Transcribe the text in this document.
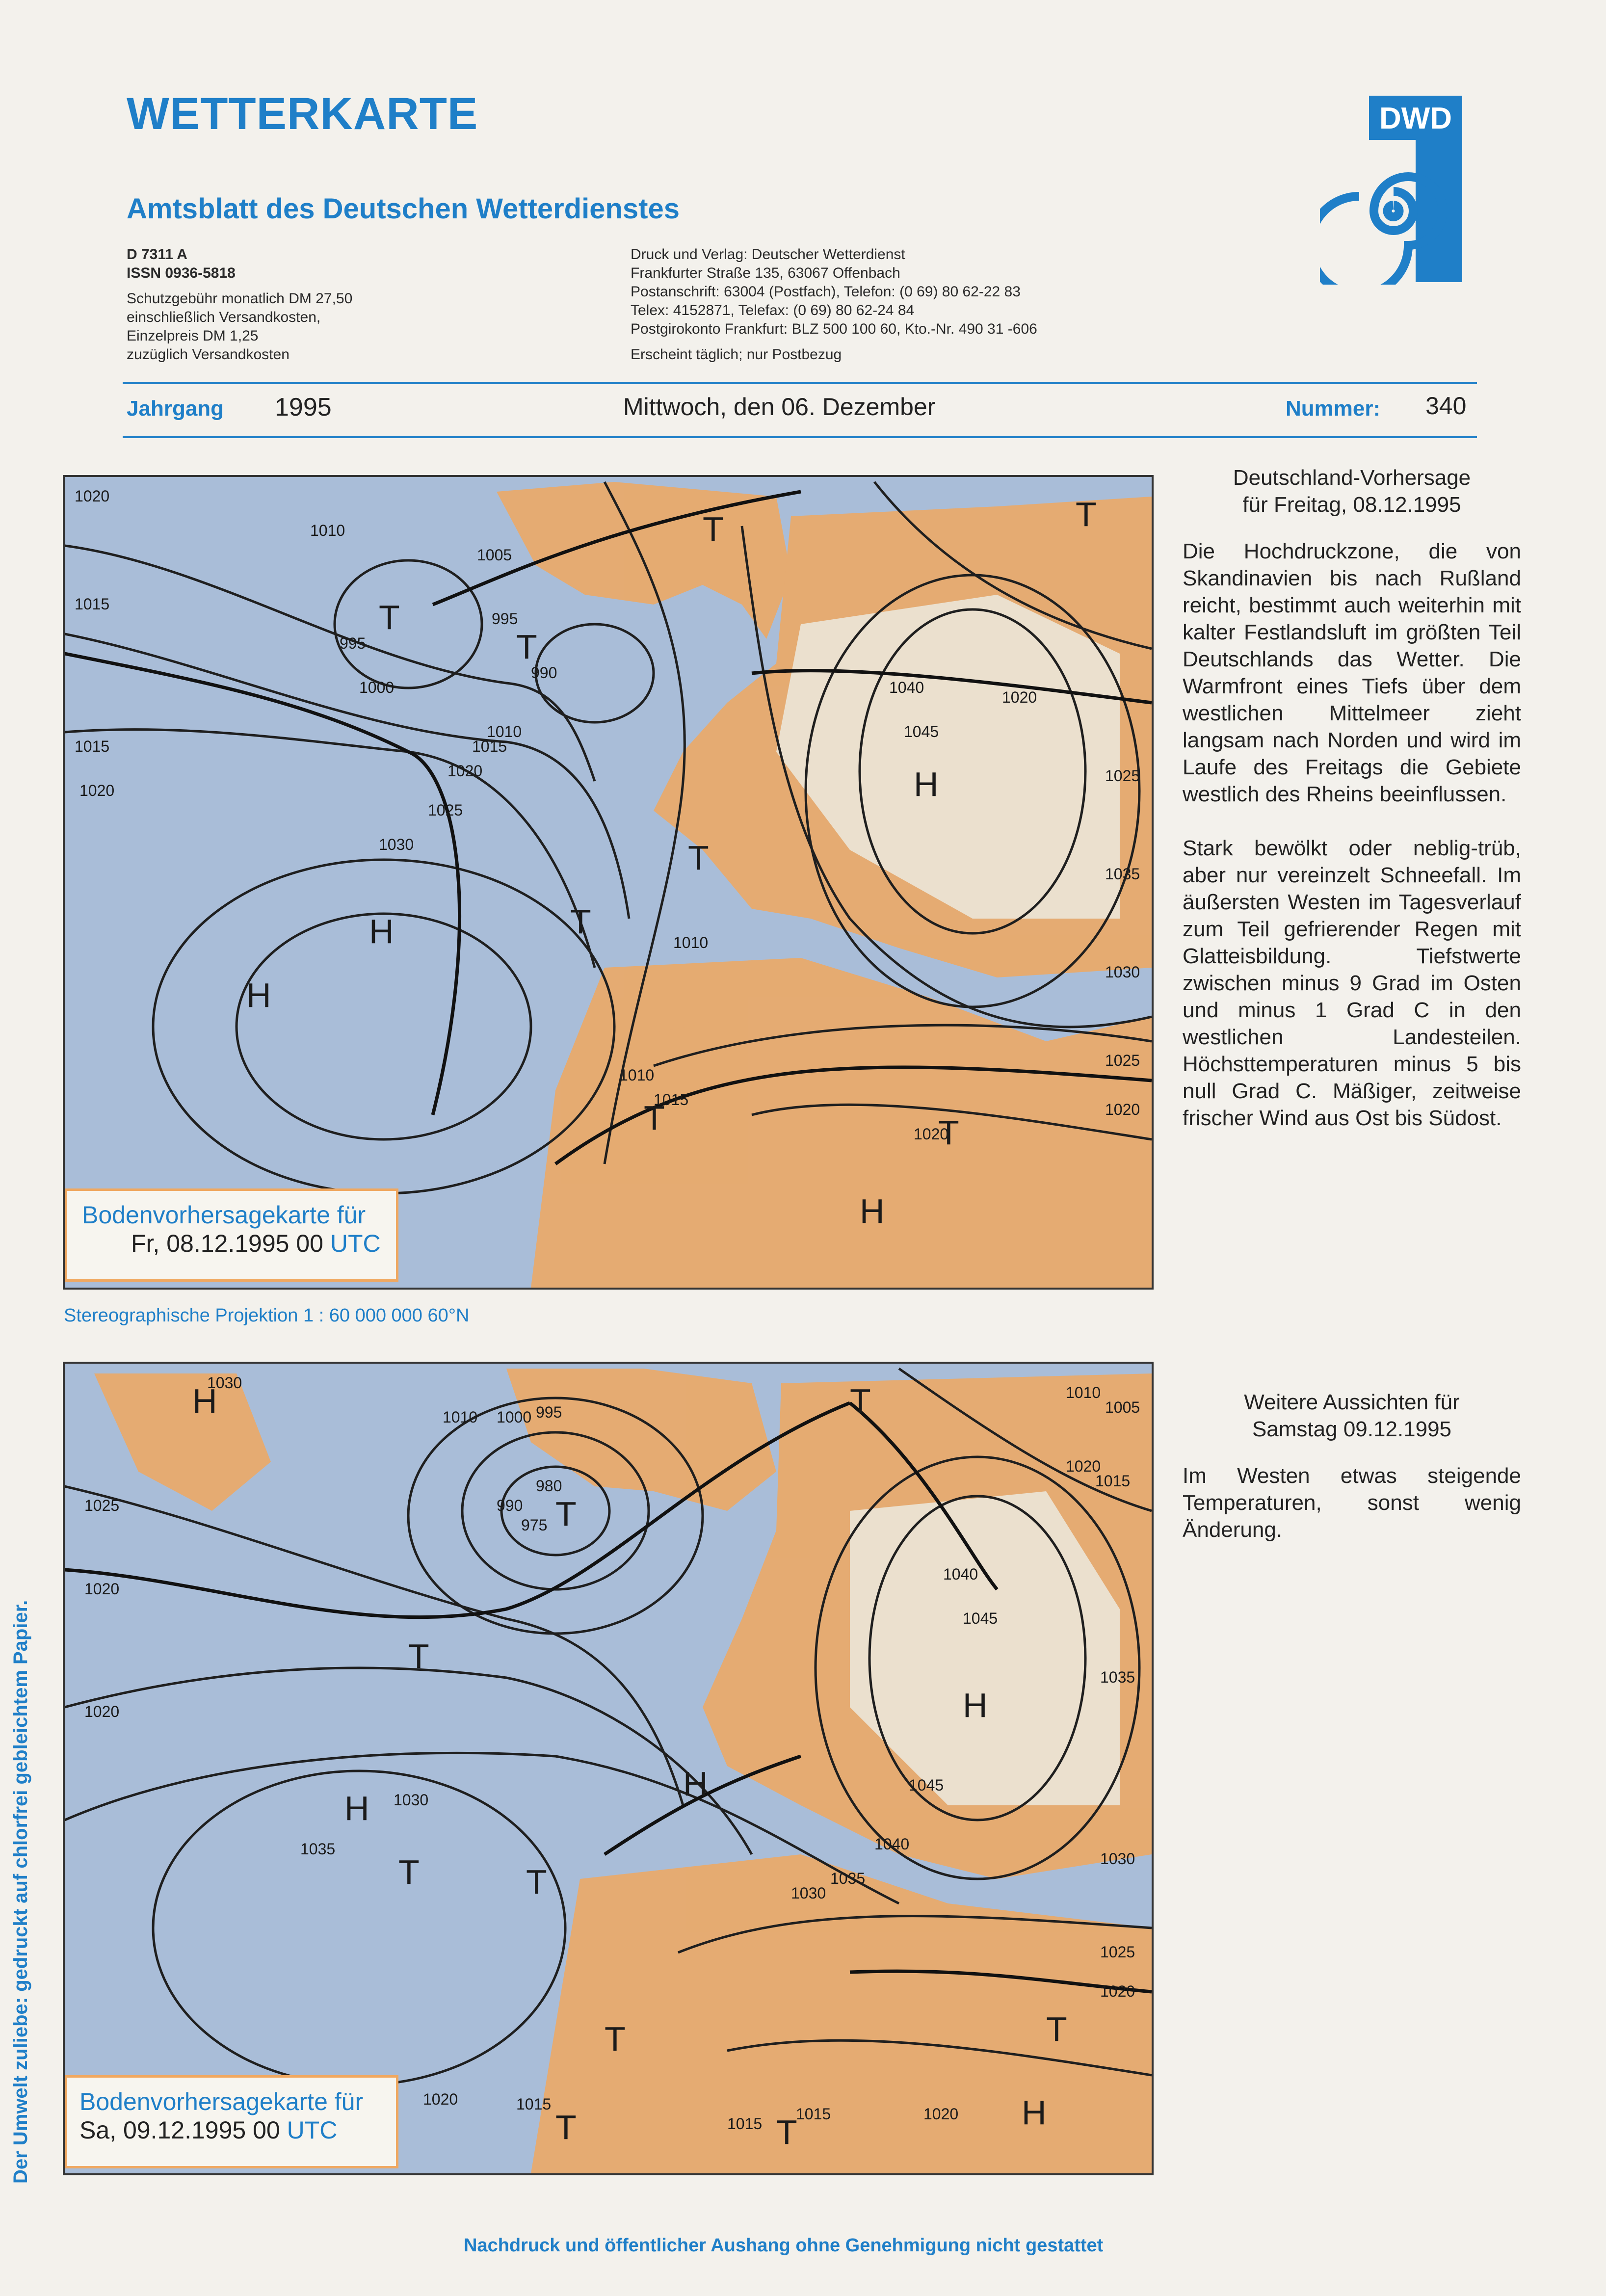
WETTERKARTE
Amtsblatt des Deutschen Wetterdienstes
DWD
D 7311 A
ISSN 0936-5818
Schutzgebühr monatlich DM 27,50
einschließlich Versandkosten,
Einzelpreis DM 1,25
zuzüglich Versandkosten
Druck und Verlag: Deutscher Wetterdienst
Frankfurter Straße 135, 63067 Offenbach
Postanschrift: 63004 (Postfach), Telefon: (0 69) 80 62-22 83
Telex: 4152871, Telefax: (0 69) 80 62-24 84
Postgirokonto Frankfurt: BLZ 500 100 60, Kto.-Nr. 490 31 -606
Erscheint täglich; nur Postbezug
Jahrgang 1995	Mittwoch, den 06. Dezember	Nummer: 340
H
H
H
T
T
T	T
T
H
T	T
T
1020
1015
1010
1005
995
990
995
1000
1010
1015
1020
1025
1030
1040
1045
1035
1030
1025
1020
1015
1010
1020
1010
1020
1015
1025
1020
Bodenvorhersagekarte für
Fr, 08.12.1995 00 UTC
Stereographische Projektion 1 : 60 000 000 60°N
H
T
T
T
H
H
T
T
T	T
H
H
T
T
1030
1010 1000 995
990
980
975
1025
1020
1020
1030
1035
1040
1045
1035
1030
1025
1020
1045
1040
1035
1030
1010
1005
1015
1020
1020
1015
1015
1015
1020
Bodenvorhersagekarte für
Sa, 09.12.1995 00 UTC
Deutschland-Vorhersage
für Freitag, 08.12.1995

Die Hochdruckzone, die von Skandinavien bis nach Rußland reicht, bestimmt auch weiterhin mit kalter Festlandsluft im größten Teil Deutschlands das Wetter. Die Warmfront eines Tiefs über dem westlichen Mittelmeer zieht langsam nach Norden und wird im Laufe des Freitags die Gebiete westlich des Rheins beeinflussen.

Stark bewölkt oder neblig-trüb, aber nur vereinzelt Schneefall. Im äußersten Westen im Tagesverlauf zum Teil gefrierender Regen mit Glatteisbildung. Tiefstwerte zwischen minus 9 Grad im Osten und minus 1 Grad C in den westlichen Landesteilen. Höchsttemperaturen minus 5 bis null Grad C. Mäßiger, zeitweise frischer Wind aus Ost bis Südost.

Weitere Aussichten für
Samstag 09.12.1995

Im Westen etwas steigende Temperaturen, sonst wenig Änderung.

Der Umwelt zuliebe: gedruckt auf chlorfrei gebleichtem Papier.
Nachdruck und öffentlicher Aushang ohne Genehmigung nicht gestattet
